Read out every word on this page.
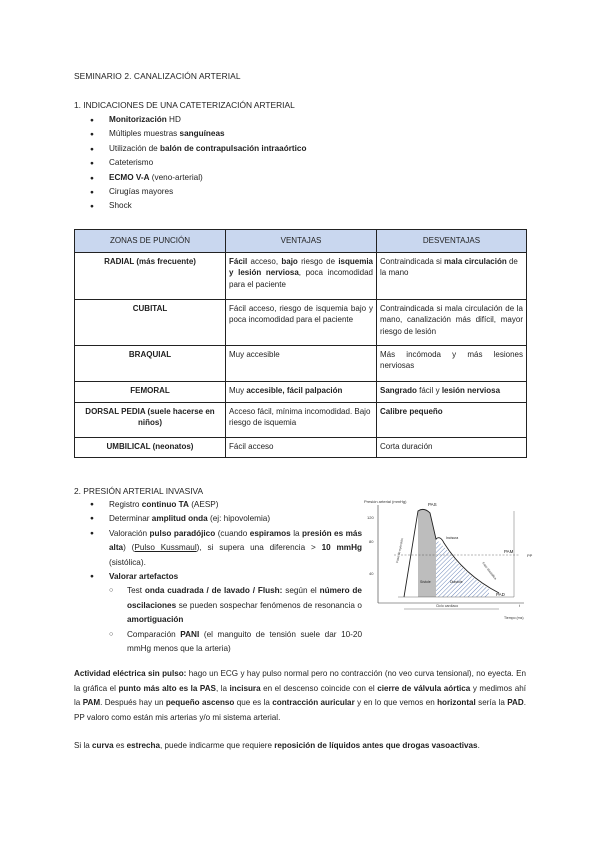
SEMINARIO 2. CANALIZACIÓN ARTERIAL
1. INDICACIONES DE UNA CATETERIZACIÓN ARTERIAL
● Monitorización HD
● Múltiples muestras sanguíneas
● Utilización de balón de contrapulsación intraaórtico
● Cateterismo
● ECMO V-A (veno-arterial)
● Cirugías mayores
● Shock
ZONAS DE PUNCIÓN	VENTAJAS	DESVENTAJAS
RADIAL (más frecuente)	Fácil acceso, bajo riesgo de isquemia y lesión nerviosa, poca incomodidad para el paciente	Contraindicada si mala circulación de la mano
CUBITAL	Fácil acceso, riesgo de isquemia bajo y poca incomodidad para el paciente	Contraindicada si mala circulación de la mano, canalización más difícil, mayor riesgo de lesión
BRAQUIAL	Muy accesible	Más incómoda y más lesiones nerviosas
FEMORAL	Muy accesible, fácil palpación	Sangrado fácil y lesión nerviosa
DORSAL PEDIA (suele hacerse en niños)	Acceso fácil, mínima incomodidad. Bajo riesgo de isquemia	Calibre pequeño
UMBILICAL (neonatos)	Fácil acceso	Corta duración
2. PRESIÓN ARTERIAL INVASIVA
● Registro continuo TA (AESP)
● Determinar amplitud onda (ej: hipovolemia)
● Valoración pulso paradójico (cuando espiramos la presión es más alta) (Pulso Kussmaul), si supera una diferencia > 10 mmHg (sistólica).
● Valorar artefactos
○ Test onda cuadrada / de lavado / Flush: según el número de oscilaciones se pueden sospechar fenómenos de resonancia o amortiguación
○ Comparación PANI (el manguito de tensión suele dar 10-20 mmHg menos que la arteria)
Presión arterial (mmHg)
120
80
40
PAS
PAM
PAD
Incisura
Sístole	Diástole
Fase de eyección
Fase diastólica
Ciclo cardíaco
Tiempo (ms)
PP
t
Actividad eléctrica sin pulso: hago un ECG y hay pulso normal pero no contracción (no veo curva tensional), no eyecta. En la gráfica el punto más alto es la PAS, la incisura en el descenso coincide con el cierre de válvula aórtica y medimos ahí la PAM. Después hay un pequeño ascenso que es la contracción auricular y en lo que vemos en horizontal sería la PAD. PP valoro como están mis arterias y/o mi sistema arterial.
Si la curva es estrecha, puede indicarme que requiere reposición de líquidos antes que drogas vasoactivas.
